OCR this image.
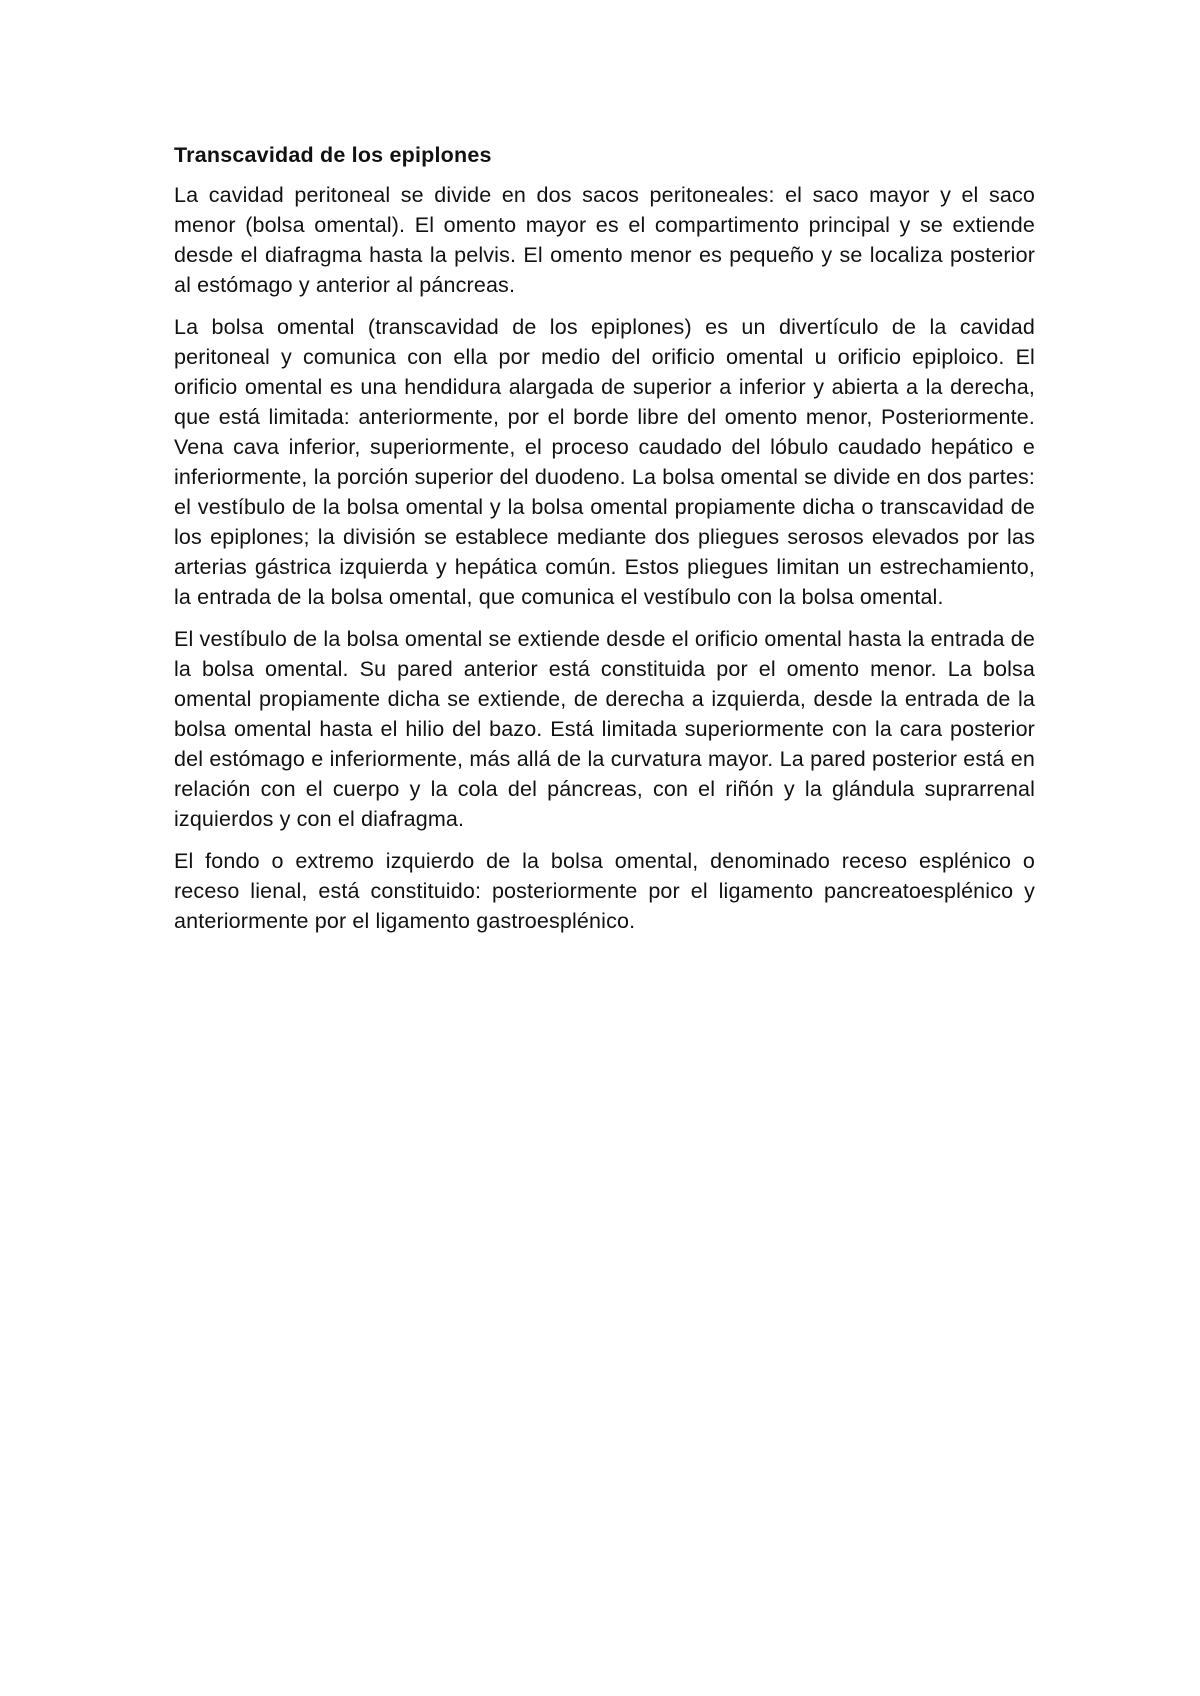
Transcavidad de los epiplones

La cavidad peritoneal se divide en dos sacos peritoneales: el saco mayor y el saco menor (bolsa omental). El omento mayor es el compartimento principal y se extiende desde el diafragma hasta la pelvis. El omento menor es pequeño y se localiza posterior al estómago y anterior al páncreas.

La bolsa omental (transcavidad de los epiplones) es un divertículo de la cavidad peritoneal y comunica con ella por medio del orificio omental u orificio epiploico. El orificio omental es una hendidura alargada de superior a inferior y abierta a la derecha, que está limitada: anteriormente, por el borde libre del omento menor, Posteriormente. Vena cava inferior, superiormente, el proceso caudado del lóbulo caudado hepático e inferiormente, la porción superior del duodeno. La bolsa omental se divide en dos partes: el vestíbulo de la bolsa omental y la bolsa omental propiamente dicha o transcavidad de los epiplones; la división se establece mediante dos pliegues serosos elevados por las arterias gástrica izquierda y hepática común. Estos pliegues limitan un estrechamiento, la entrada de la bolsa omental, que comunica el vestíbulo con la bolsa omental.

El vestíbulo de la bolsa omental se extiende desde el orificio omental hasta la entrada de la bolsa omental. Su pared anterior está constituida por el omento menor. La bolsa omental propiamente dicha se extiende, de derecha a izquierda, desde la entrada de la bolsa omental hasta el hilio del bazo. Está limitada superiormente con la cara posterior del estómago e inferiormente, más allá de la curvatura mayor. La pared posterior está en relación con el cuerpo y la cola del páncreas, con el riñón y la glándula suprarrenal izquierdos y con el diafragma.

El fondo o extremo izquierdo de la bolsa omental, denominado receso esplénico o receso lienal, está constituido: posteriormente por el ligamento pancreatoesplénico y anteriormente por el ligamento gastroesplénico.
